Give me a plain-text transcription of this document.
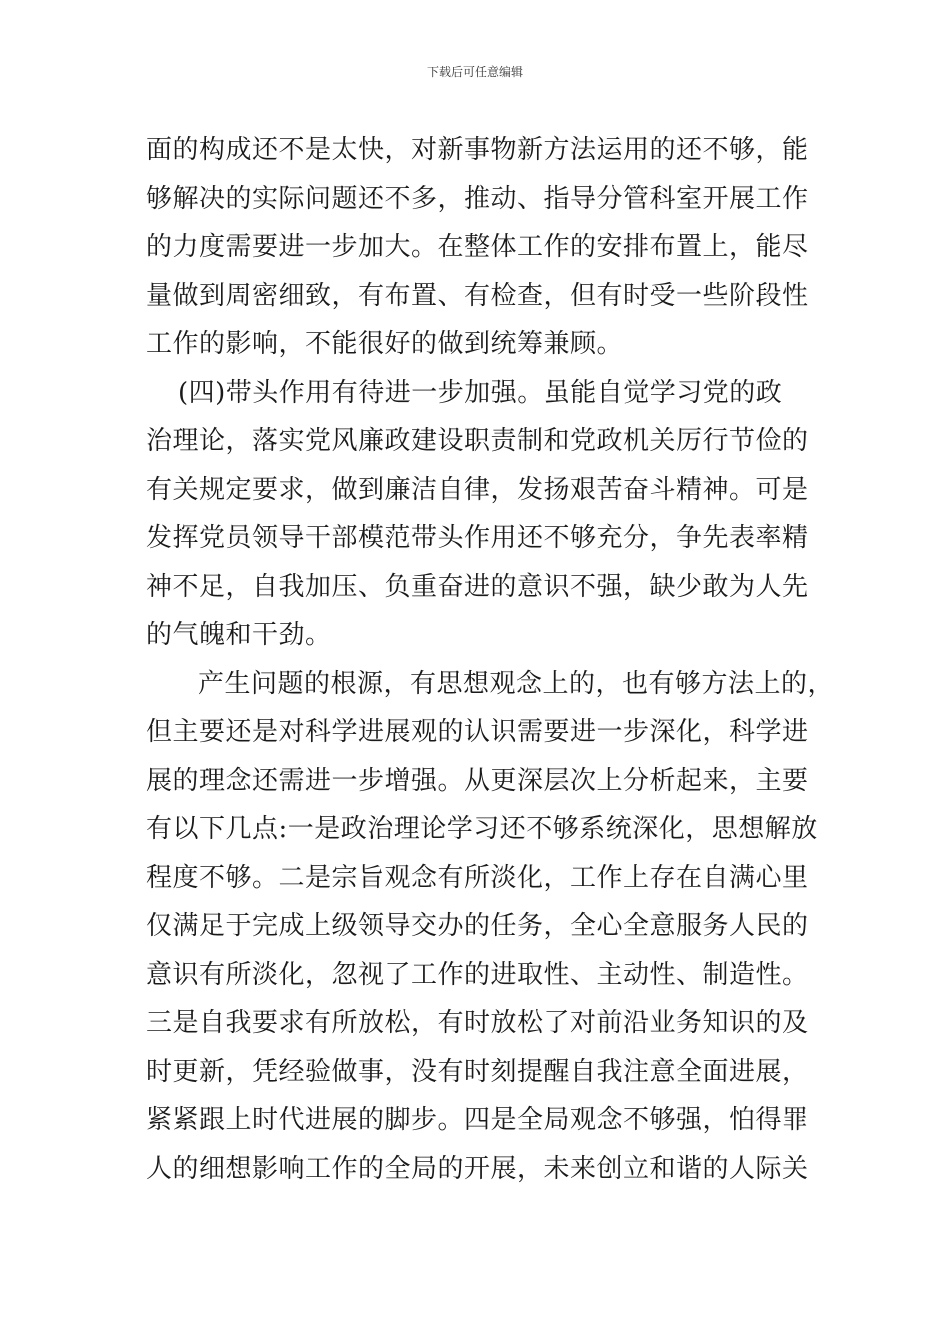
下载后可任意编辑
面的构成还不是太快，对新事物新方法运用的还不够，能
够解决的实际问题还不多，推动、指导分管科室开展工作
的力度需要进一步加大。在整体工作的安排布置上，能尽
量做到周密细致，有布置、有检查，但有时受一些阶段性
工作的影响，不能很好的做到统筹兼顾。
(四)带头作用有待进一步加强。虽能自觉学习党的政
治理论，落实党风廉政建设职责制和党政机关厉行节俭的
有关规定要求，做到廉洁自律，发扬艰苦奋斗精神。可是
发挥党员领导干部模范带头作用还不够充分，争先表率精
神不足，自我加压、负重奋进的意识不强，缺少敢为人先
的气魄和干劲。
产生问题的根源，有思想观念上的，也有够方法上的，
但主要还是对科学进展观的认识需要进一步深化，科学进
展的理念还需进一步增强。从更深层次上分析起来，主要
有以下几点:一是政治理论学习还不够系统深化，思想解放
程度不够。二是宗旨观念有所淡化，工作上存在自满心里
仅满足于完成上级领导交办的任务，全心全意服务人民的
意识有所淡化，忽视了工作的进取性、主动性、制造性。
三是自我要求有所放松，有时放松了对前沿业务知识的及
时更新，凭经验做事，没有时刻提醒自我注意全面进展，
紧紧跟上时代进展的脚步。四是全局观念不够强，怕得罪
人的细想影响工作的全局的开展，未来创立和谐的人际关
